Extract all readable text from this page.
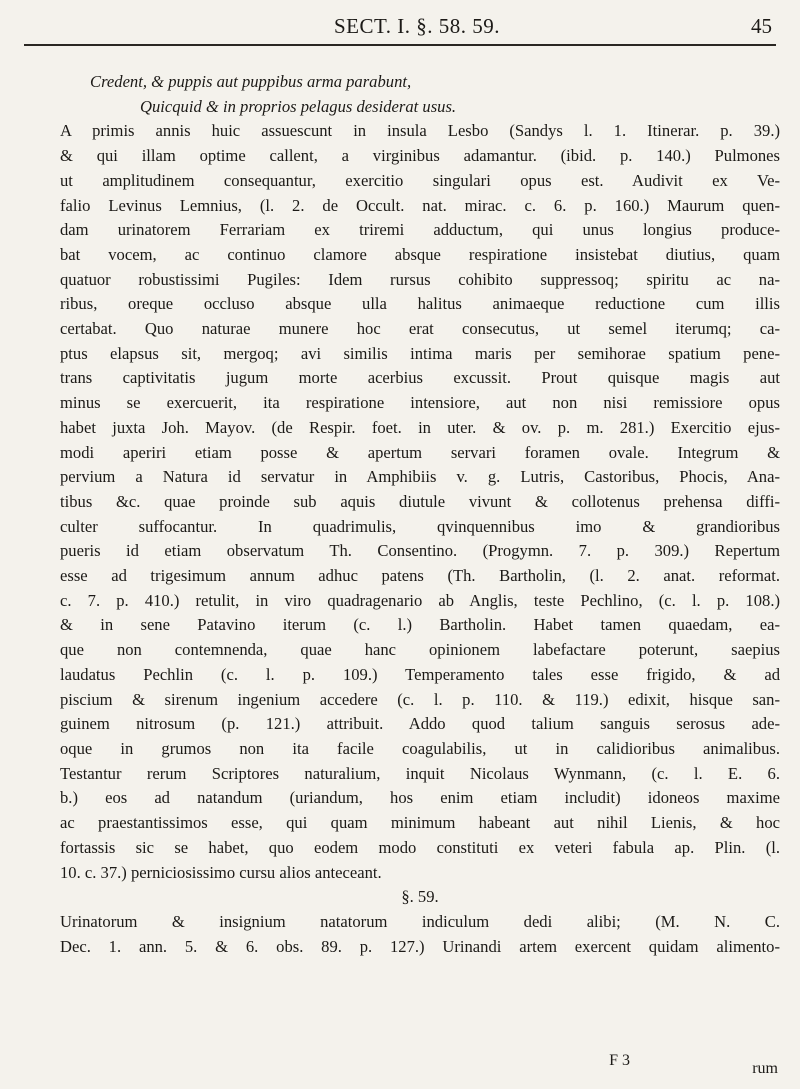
SECT. I. §. 58. 59.	45
Credent, & puppis aut puppibus arma parabunt,
Quicquid & in proprios pelagus desiderat usus.
A primis annis huic assuescunt in insula Lesbo (Sandys l. 1. Itinerar. p. 39.)
& qui illam optime callent, a virginibus adamantur. (ibid. p. 140.) Pulmones
ut amplitudinem consequantur, exercitio singulari opus est. Audivit ex Ve-
falio Levinus Lemnius, (l. 2. de Occult. nat. mirac. c. 6. p. 160.) Maurum quen-
dam urinatorem Ferrariam ex triremi adductum, qui unus longius produce-
bat vocem, ac continuo clamore absque respiratione insistebat diutius, quam
quatuor robustissimi Pugiles: Idem rursus cohibito suppressoq; spiritu ac na-
ribus, oreque occluso absque ulla halitus animaeque reductione cum illis
certabat. Quo naturae munere hoc erat consecutus, ut semel iterumq; ca-
ptus elapsus sit, mergoq; avi similis intima maris per semihorae spatium pene-
trans captivitatis jugum morte acerbius excussit. Prout quisque magis aut
minus se exercuerit, ita respiratione intensiore, aut non nisi remissiore opus
habet juxta Joh. Mayov. (de Respir. foet. in uter. & ov. p. m. 281.) Exercitio ejus-
modi aperiri etiam posse & apertum servari foramen ovale. Integrum &
pervium a Natura id servatur in Amphibiis v. g. Lutris, Castoribus, Phocis, Ana-
tibus &c. quae proinde sub aquis diutule vivunt & collotenus prehensa diffi-
culter suffocantur. In quadrimulis, qvinquennibus imo & grandioribus
pueris id etiam observatum Th. Consentino. (Progymn. 7. p. 309.) Repertum
esse ad trigesimum annum adhuc patens (Th. Bartholin, (l. 2. anat. reformat.
c. 7. p. 410.) retulit, in viro quadragenario ab Anglis, teste Pechlino, (c. l. p. 108.)
& in sene Patavino iterum (c. l.) Bartholin. Habet tamen quaedam, ea-
que non contemnenda, quae hanc opinionem labefactare poterunt, saepius
laudatus Pechlin (c. l. p. 109.) Temperamento tales esse frigido, & ad
piscium & sirenum ingenium accedere (c. l. p. 110. & 119.) edixit, hisque san-
guinem nitrosum (p. 121.) attribuit. Addo quod talium sanguis serosus ade-
oque in grumos non ita facile coagulabilis, ut in calidioribus animalibus.
Testantur rerum Scriptores naturalium, inquit Nicolaus Wynmann, (c. l. E. 6.
b.) eos ad natandum (uriandum, hos enim etiam includit) idoneos maxime
ac praestantissimos esse, qui quam minimum habeant aut nihil Lienis, & hoc
fortassis sic se habet, quo eodem modo constituti ex veteri fabula ap. Plin. (l.
10. c. 37.) perniciosissimo cursu alios anteceant.
§. 59.
Urinatorum & insignium natatorum indiculum dedi alibi; (M. N. C.
Dec. 1. ann. 5. & 6. obs. 89. p. 127.) Urinandi artem exercent quidam alimento-
F 3	rum
